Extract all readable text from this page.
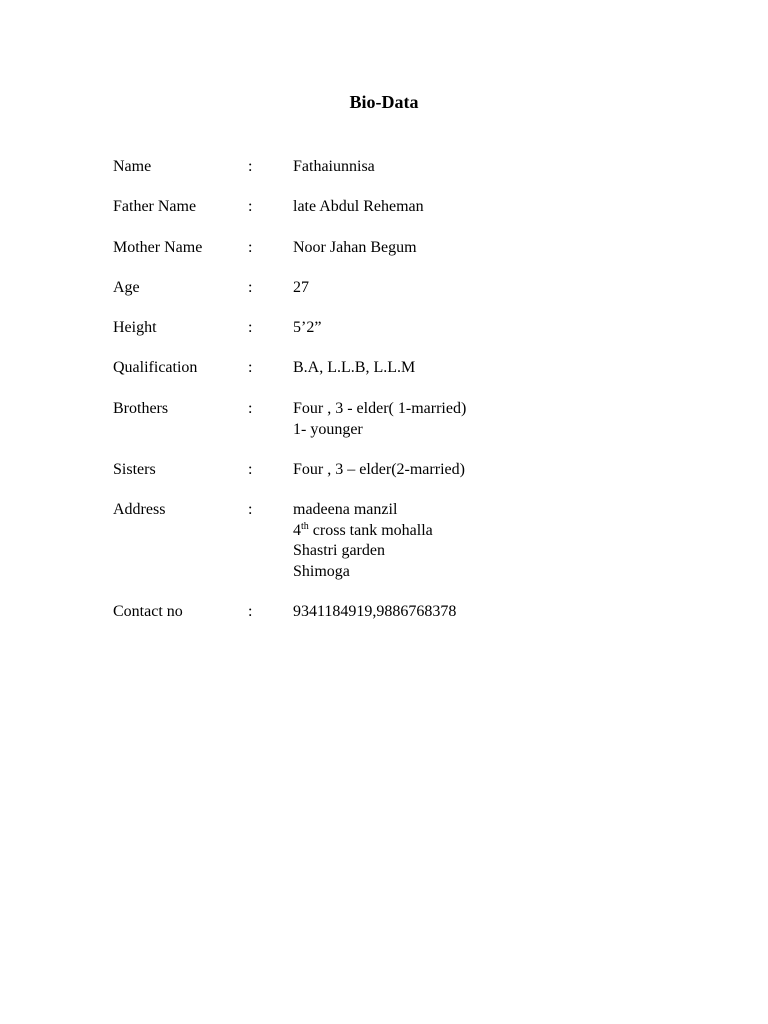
Bio-Data
Name	:	Fathaiunnisa
Father Name	:	late Abdul Reheman
Mother Name	:	Noor Jahan Begum
Age	:	27
Height	:	5’2”
Qualification	:	B.A, L.L.B, L.L.M
Brothers	:	Four , 3 - elder( 1-married)
1- younger
Sisters	:	Four , 3 – elder(2-married)
Address	:	madeena manzil
4th cross tank mohalla
Shastri garden
Shimoga
Contact no	:	9341184919,9886768378
